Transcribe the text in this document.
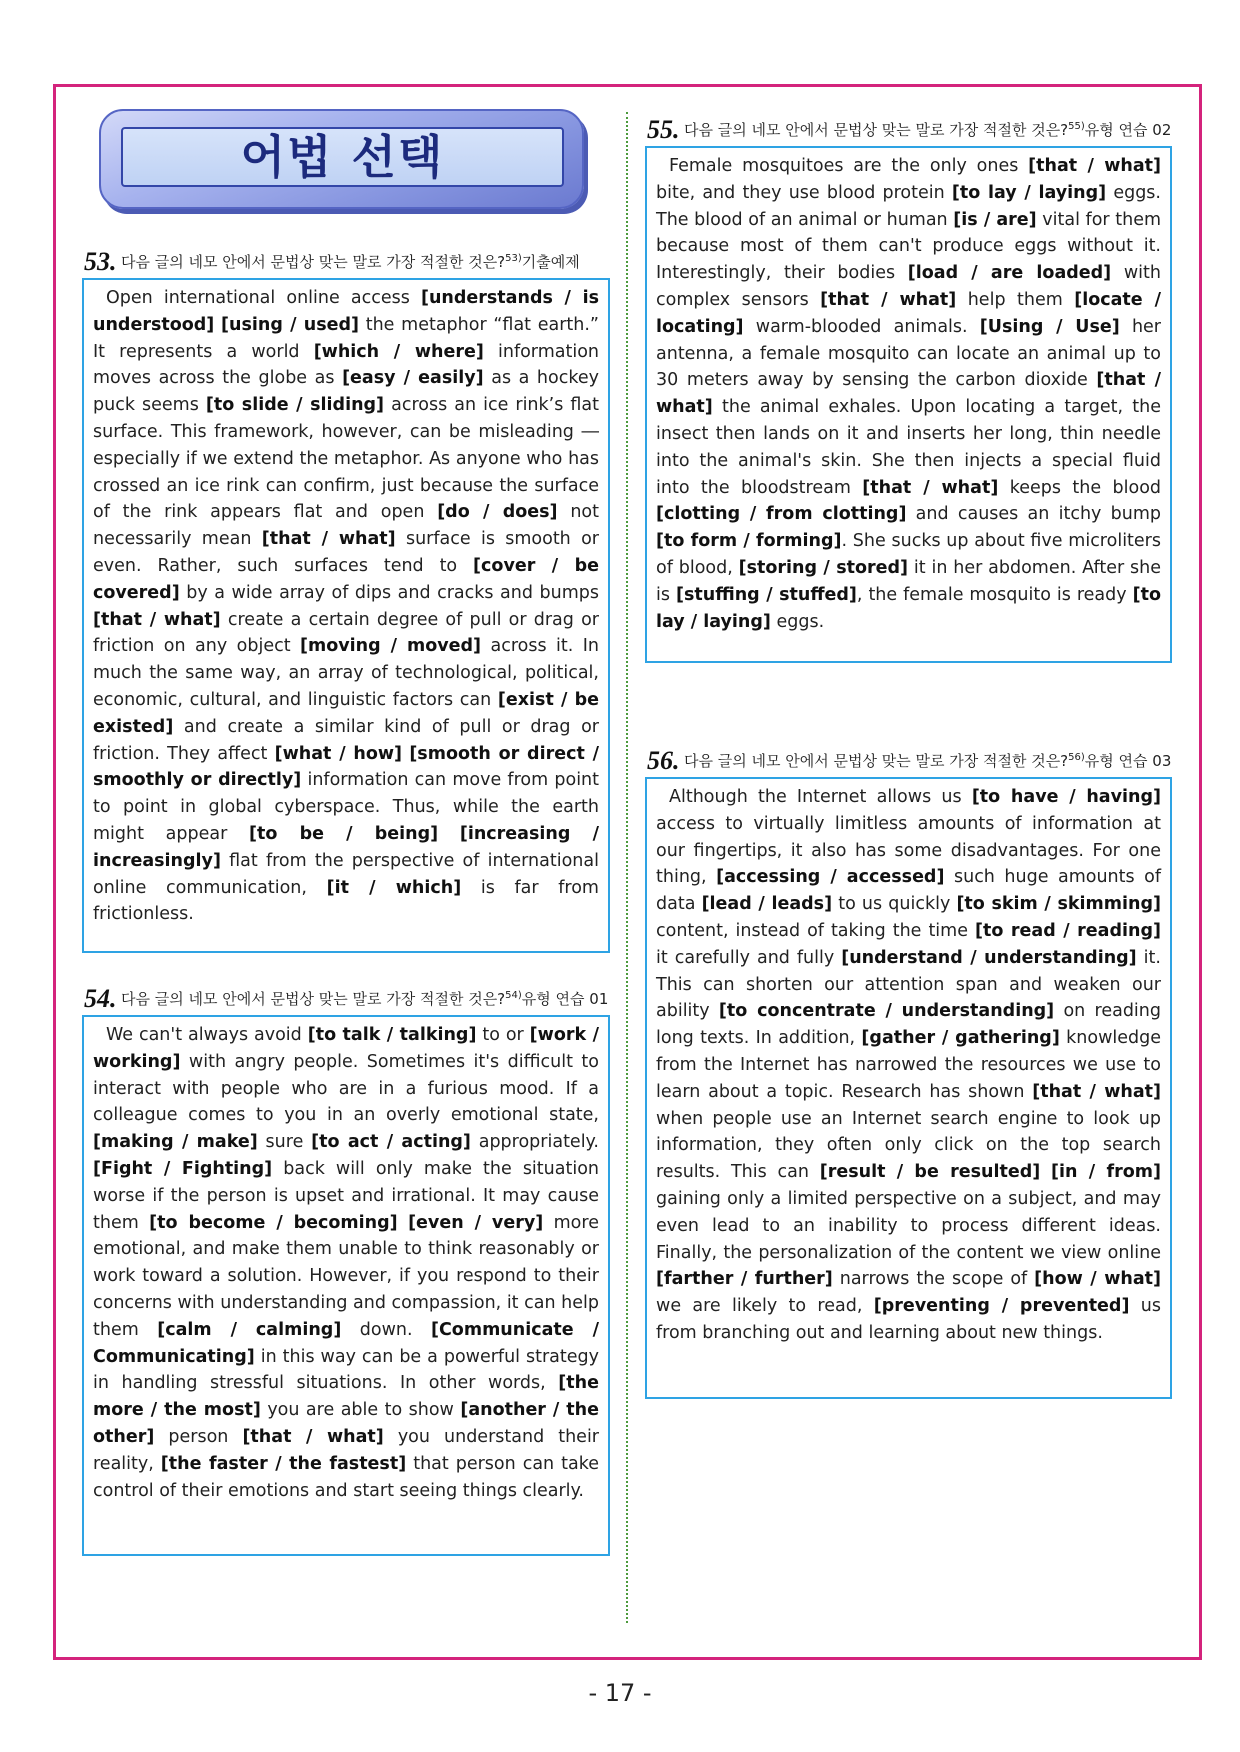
어법 선택
53. 다음 글의 네모 안에서 문법상 맞는 말로 가장 적절한 것은?$^{53)}$기출예제

Open international online access [understands / is understood] [using / used] the metaphor “flat earth.” It represents a world [which / where] information moves across the globe as [easy / easily] as a hockey puck seems [to slide / sliding] across an ice rink’s flat surface. This framework, however, can be misleading ― especially if we extend the metaphor. As anyone who has crossed an ice rink can confirm, just because the surface of the rink appears flat and open [do / does] not necessarily mean [that / what] surface is smooth or even. Rather, such surfaces tend to [cover / be covered] by a wide array of dips and cracks and bumps [that / what] create a certain degree of pull or drag or friction on any object [moving / moved] across it. In much the same way, an array of technological, political, economic, cultural, and linguistic factors can [exist / be existed] and create a similar kind of pull or drag or friction. They affect [what / how] [smooth or direct / smoothly or directly] information can move from point to point in global cyberspace. Thus, while the earth might appear [to be / being] [increasing / increasingly] flat from the perspective of international online communication, [it / which] is far from frictionless.

54. 다음 글의 네모 안에서 문법상 맞는 말로 가장 적절한 것은?$^{54)}$유형 연습 01

We can't always avoid [to talk / talking] to or [work / working] with angry people. Sometimes it's difficult to interact with people who are in a furious mood. If a colleague comes to you in an overly emotional state, [making / make] sure [to act / acting] appropriately. [Fight / Fighting] back will only make the situation worse if the person is upset and irrational. It may cause them [to become / becoming] [even / very] more emotional, and make them unable to think reasonably or work toward a solution. However, if you respond to their concerns with understanding and compassion, it can help them [calm / calming] down. [Communicate / Communicating] in this way can be a powerful strategy in handling stressful situations. In other words, [the more / the most] you are able to show [another / the other] person [that / what] you understand their reality, [the faster / the fastest] that person can take control of their emotions and start seeing things clearly.

55. 다음 글의 네모 안에서 문법상 맞는 말로 가장 적절한 것은?$^{55)}$유형 연습 02

Female mosquitoes are the only ones [that / what] bite, and they use blood protein [to lay / laying] eggs. The blood of an animal or human [is / are] vital for them because most of them can't produce eggs without it. Interestingly, their bodies [load / are loaded] with complex sensors [that / what] help them [locate / locating] warm-blooded animals. [Using / Use] her antenna, a female mosquito can locate an animal up to 30 meters away by sensing the carbon dioxide [that / what] the animal exhales. Upon locating a target, the insect then lands on it and inserts her long, thin needle into the animal's skin. She then injects a special fluid into the bloodstream [that / what] keeps the blood [clotting / from clotting] and causes an itchy bump [to form / forming]. She sucks up about five microliters of blood, [storing / stored] it in her abdomen. After she is [stuffing / stuffed], the female mosquito is ready [to lay / laying] eggs.

56. 다음 글의 네모 안에서 문법상 맞는 말로 가장 적절한 것은?$^{56)}$유형 연습 03

Although the Internet allows us [to have / having] access to virtually limitless amounts of information at our fingertips, it also has some disadvantages. For one thing, [accessing / accessed] such huge amounts of data [lead / leads] to us quickly [to skim / skimming] content, instead of taking the time [to read / reading] it carefully and fully [understand / understanding] it. This can shorten our attention span and weaken our ability [to concentrate / understanding] on reading long texts. In addition, [gather / gathering] knowledge from the Internet has narrowed the resources we use to learn about a topic. Research has shown [that / what] when people use an Internet search engine to look up information, they often only click on the top search results. This can [result / be resulted] [in / from] gaining only a limited perspective on a subject, and may even lead to an inability to process different ideas. Finally, the personalization of the content we view online [farther / further] narrows the scope of [how / what] we are likely to read, [preventing / prevented] us from branching out and learning about new things.

- 17 -
